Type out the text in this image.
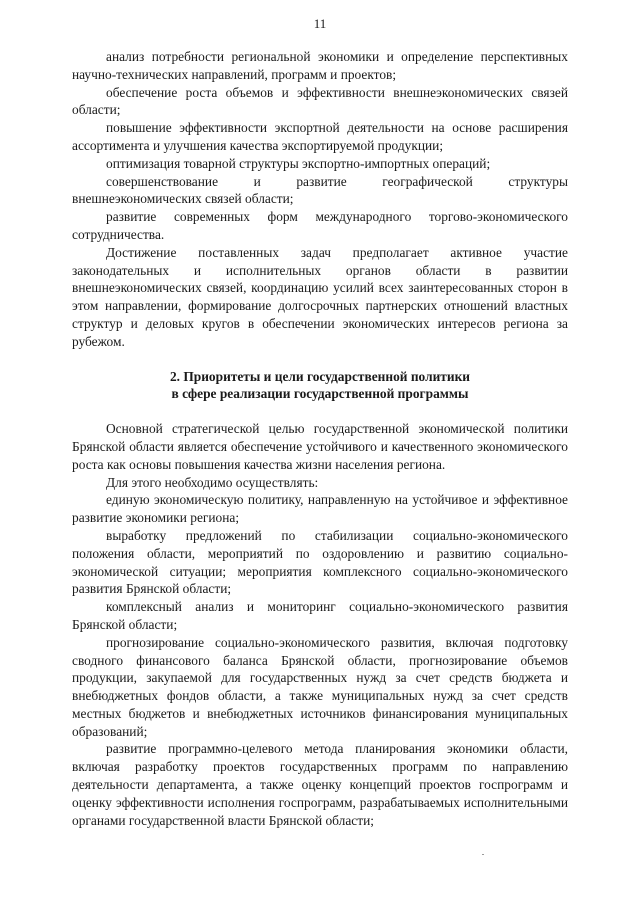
11

анализ потребности региональной экономики и определение перспективных научно-технических направлений, программ и проектов;

обеспечение роста объемов и эффективности внешнеэкономических связей области;

повышение эффективности экспортной деятельности на основе расширения ассортимента и улучшения качества экспортируемой продукции;

оптимизация товарной структуры экспортно-импортных операций;

совершенствование и развитие географической структуры внешнеэкономических связей области;

развитие современных форм международного торгово-экономического сотрудничества.

Достижение поставленных задач предполагает активное участие законодательных и исполнительных органов области в развитии внешнеэкономических связей, координацию усилий всех заинтересованных сторон в этом направлении, формирование долгосрочных партнерских отношений властных структур и деловых кругов в обеспечении экономических интересов региона за рубежом.

2. Приоритеты и цели государственной политики
в сфере реализации государственной программы

Основной стратегической целью государственной экономической политики Брянской области является обеспечение устойчивого и качественного экономического роста как основы повышения качества жизни населения региона.

Для этого необходимо осуществлять:

единую экономическую политику, направленную на устойчивое и эффективное развитие экономики региона;

выработку предложений по стабилизации социально-экономического положения области, мероприятий по оздоровлению и развитию социально-экономической ситуации; мероприятия комплексного социально-экономического развития Брянской области;

комплексный анализ и мониторинг социально-экономического развития Брянской области;

прогнозирование социально-экономического развития, включая подготовку сводного финансового баланса Брянской области, прогнозирование объемов продукции, закупаемой для государственных нужд за счет средств бюджета и внебюджетных фондов области, а также муниципальных нужд за счет средств местных бюджетов и внебюджетных источников финансирования муниципальных образований;

развитие программно-целевого метода планирования экономики области, включая разработку проектов государственных программ по направлению деятельности департамента, а также оценку концепций проектов госпрограмм и оценку эффективности исполнения госпрограмм, разрабатываемых исполнительными органами государственной власти Брянской области;
